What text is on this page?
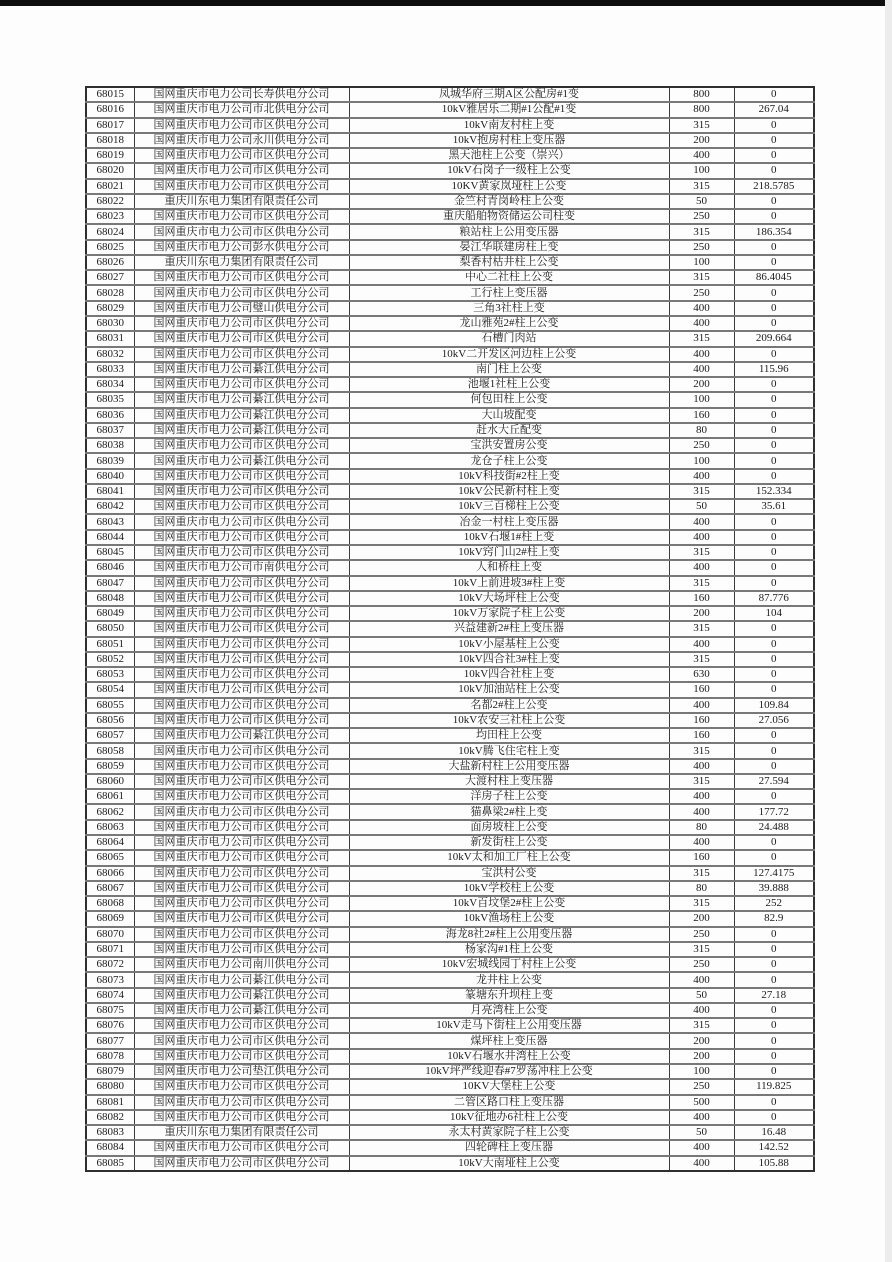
68015	国网重庆市电力公司长寿供电分公司	凤城华府三期A区公配房#1变	800	0
68016	国网重庆市电力公司市北供电分公司	10kV雅居乐二期#1公配#1变	800	267.04
68017	国网重庆市电力公司市区供电分公司	10kV南友村柱上变	315	0
68018	国网重庆市电力公司永川供电分公司	10kV抱房村柱上变压器	200	0
68019	国网重庆市电力公司市区供电分公司	黑天池柱上公变（崇兴）	400	0
68020	国网重庆市电力公司市区供电分公司	10kV石岗子一级柱上公变	100	0
68021	国网重庆市电力公司市区供电分公司	10KV黄家岚垭柱上公变	315	218.5785
68022	重庆川东电力集团有限责任公司	金竺村青岗岭柱上公变	50	0
68023	国网重庆市电力公司市区供电分公司	重庆船舶物资储运公司柱变	250	0
68024	国网重庆市电力公司市区供电分公司	粮站柱上公用变压器	315	186.354
68025	国网重庆市电力公司彭水供电分公司	晏江华联建房柱上变	250	0
68026	重庆川东电力集团有限责任公司	梨香村枯井柱上公变	100	0
68027	国网重庆市电力公司市区供电分公司	中心二社柱上公变	315	86.4045
68028	国网重庆市电力公司市区供电分公司	工行柱上变压器	250	0
68029	国网重庆市电力公司璧山供电分公司	三角3社柱上变	400	0
68030	国网重庆市电力公司市区供电分公司	龙山雅苑2#柱上公变	400	0
68031	国网重庆市电力公司市区供电分公司	石槽门肉站	315	209.664
68032	国网重庆市电力公司市区供电分公司	10kV二开发区河边柱上公变	400	0
68033	国网重庆市电力公司綦江供电分公司	南门柱上公变	400	115.96
68034	国网重庆市电力公司市区供电分公司	池堰1社柱上公变	200	0
68035	国网重庆市电力公司綦江供电分公司	何包田柱上公变	100	0
68036	国网重庆市电力公司綦江供电分公司	大山坡配变	160	0
68037	国网重庆市电力公司綦江供电分公司	赶水大丘配变	80	0
68038	国网重庆市电力公司市区供电分公司	宝洪安置房公变	250	0
68039	国网重庆市电力公司綦江供电分公司	龙仓子柱上公变	100	0
68040	国网重庆市电力公司市区供电分公司	10kV科技街#2柱上变	400	0
68041	国网重庆市电力公司市区供电分公司	10kV公民新村柱上变	315	152.334
68042	国网重庆市电力公司市区供电分公司	10kV三百梯柱上公变	50	35.61
68043	国网重庆市电力公司市区供电分公司	冶金一村柱上变压器	400	0
68044	国网重庆市电力公司市区供电分公司	10kV石堰1#柱上变	400	0
68045	国网重庆市电力公司市区供电分公司	10kV窍门山2#柱上变	315	0
68046	国网重庆市电力公司市南供电分公司	人和桥柱上变	400	0
68047	国网重庆市电力公司市区供电分公司	10kV上前进坡3#柱上变	315	0
68048	国网重庆市电力公司市区供电分公司	10kV大场坪柱上公变	160	87.776
68049	国网重庆市电力公司市区供电分公司	10kV万家院子柱上公变	200	104
68050	国网重庆市电力公司市区供电分公司	兴益建新2#柱上变压器	315	0
68051	国网重庆市电力公司市区供电分公司	10kV小屋基柱上公变	400	0
68052	国网重庆市电力公司市区供电分公司	10kV四合社3#柱上变	315	0
68053	国网重庆市电力公司市区供电分公司	10kV四合社柱上变	630	0
68054	国网重庆市电力公司市区供电分公司	10kV加油站柱上公变	160	0
68055	国网重庆市电力公司市区供电分公司	名都2#柱上公变	400	109.84
68056	国网重庆市电力公司市区供电分公司	10kV农安三社柱上公变	160	27.056
68057	国网重庆市电力公司綦江供电分公司	均田柱上公变	160	0
68058	国网重庆市电力公司市区供电分公司	10kV腾飞住宅柱上变	315	0
68059	国网重庆市电力公司市区供电分公司	大盐新村柱上公用变压器	400	0
68060	国网重庆市电力公司市区供电分公司	大渡村柱上变压器	315	27.594
68061	国网重庆市电力公司市区供电分公司	洋房子柱上公变	400	0
68062	国网重庆市电力公司市区供电分公司	猫鼻梁2#柱上变	400	177.72
68063	国网重庆市电力公司市区供电分公司	面房坡柱上公变	80	24.488
68064	国网重庆市电力公司市区供电分公司	新发街柱上公变	400	0
68065	国网重庆市电力公司市区供电分公司	10kV太和加工厂柱上公变	160	0
68066	国网重庆市电力公司市区供电分公司	宝洪村公变	315	127.4175
68067	国网重庆市电力公司市区供电分公司	10kV学校柱上公变	80	39.888
68068	国网重庆市电力公司市区供电分公司	10kV百坟堡2#柱上公变	315	252
68069	国网重庆市电力公司市区供电分公司	10kV渔场柱上公变	200	82.9
68070	国网重庆市电力公司市区供电分公司	海龙8社2#柱上公用变压器	250	0
68071	国网重庆市电力公司市区供电分公司	杨家沟#1柱上公变	315	0
68072	国网重庆市电力公司南川供电分公司	10kV宏城线园丁村柱上公变	250	0
68073	国网重庆市电力公司綦江供电分公司	龙井柱上公变	400	0
68074	国网重庆市电力公司綦江供电分公司	篆塘东升坝柱上变	50	27.18
68075	国网重庆市电力公司綦江供电分公司	月亮湾柱上公变	400	0
68076	国网重庆市电力公司市区供电分公司	10kV走马下街柱上公用变压器	315	0
68077	国网重庆市电力公司市区供电分公司	煤坪柱上变压器	200	0
68078	国网重庆市电力公司市区供电分公司	10kV石堰水井湾柱上公变	200	0
68079	国网重庆市电力公司垫江供电分公司	10kV坪严线迎春#7罗荡冲柱上公变	100	0
68080	国网重庆市电力公司市区供电分公司	10KV大堡柱上公变	250	119.825
68081	国网重庆市电力公司市区供电分公司	二管区路口柱上变压器	500	0
68082	国网重庆市电力公司市区供电分公司	10kV征地办6社柱上公变	400	0
68083	重庆川东电力集团有限责任公司	永太村黄家院子柱上公变	50	16.48
68084	国网重庆市电力公司市区供电分公司	四轮碑柱上变压器	400	142.52
68085	国网重庆市电力公司市区供电分公司	10kV大南垭柱上公变	400	105.88
